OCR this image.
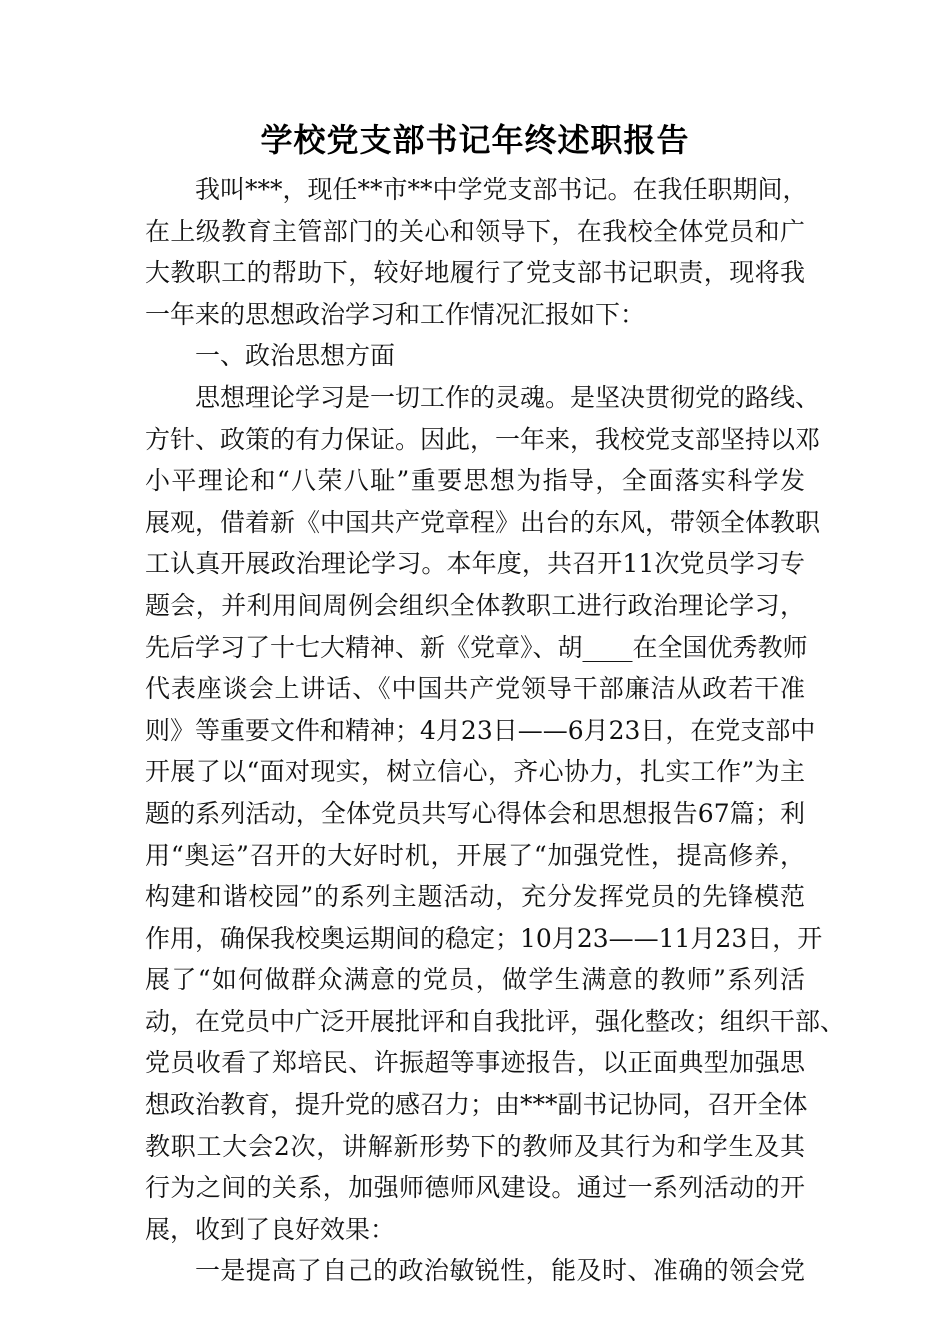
学校党支部书记年终述职报告
我叫***，现任**市**中学党支部书记。在我任职期间，
在上级教育主管部门的关心和领导下，在我校全体党员和广
大教职工的帮助下，较好地履行了党支部书记职责，现将我
一年来的思想政治学习和工作情况汇报如下：
一、政治思想方面
思想理论学习是一切工作的灵魂。是坚决贯彻党的路线、
方针、政策的有力保证。因此，一年来，我校党支部坚持以邓
小平理论和“八荣八耻”重要思想为指导，全面落实科学发
展观，借着新《中国共产党章程》出台的东风，带领全体教职
工认真开展政治理论学习。本年度，共召开11次党员学习专
题会，并利用间周例会组织全体教职工进行政治理论学习，
先后学习了十七大精神、新《党章》、胡____在全国优秀教师
代表座谈会上讲话、《中国共产党领导干部廉洁从政若干准
则》等重要文件和精神；4月23日——6月23日，在党支部中
开展了以“面对现实，树立信心，齐心协力，扎实工作”为主
题的系列活动，全体党员共写心得体会和思想报告67篇；利
用“奥运”召开的大好时机，开展了“加强党性，提高修养，
构建和谐校园”的系列主题活动，充分发挥党员的先锋模范
作用，确保我校奥运期间的稳定；10月23——11月23日，开
展了“如何做群众满意的党员，做学生满意的教师”系列活
动，在党员中广泛开展批评和自我批评，强化整改；组织干部、
党员收看了郑培民、许振超等事迹报告，以正面典型加强思
想政治教育，提升党的感召力；由***副书记协同，召开全体
教职工大会2次，讲解新形势下的教师及其行为和学生及其
行为之间的关系，加强师德师风建设。通过一系列活动的开
展，收到了良好效果：
一是提高了自己的政治敏锐性，能及时、准确的领会党
